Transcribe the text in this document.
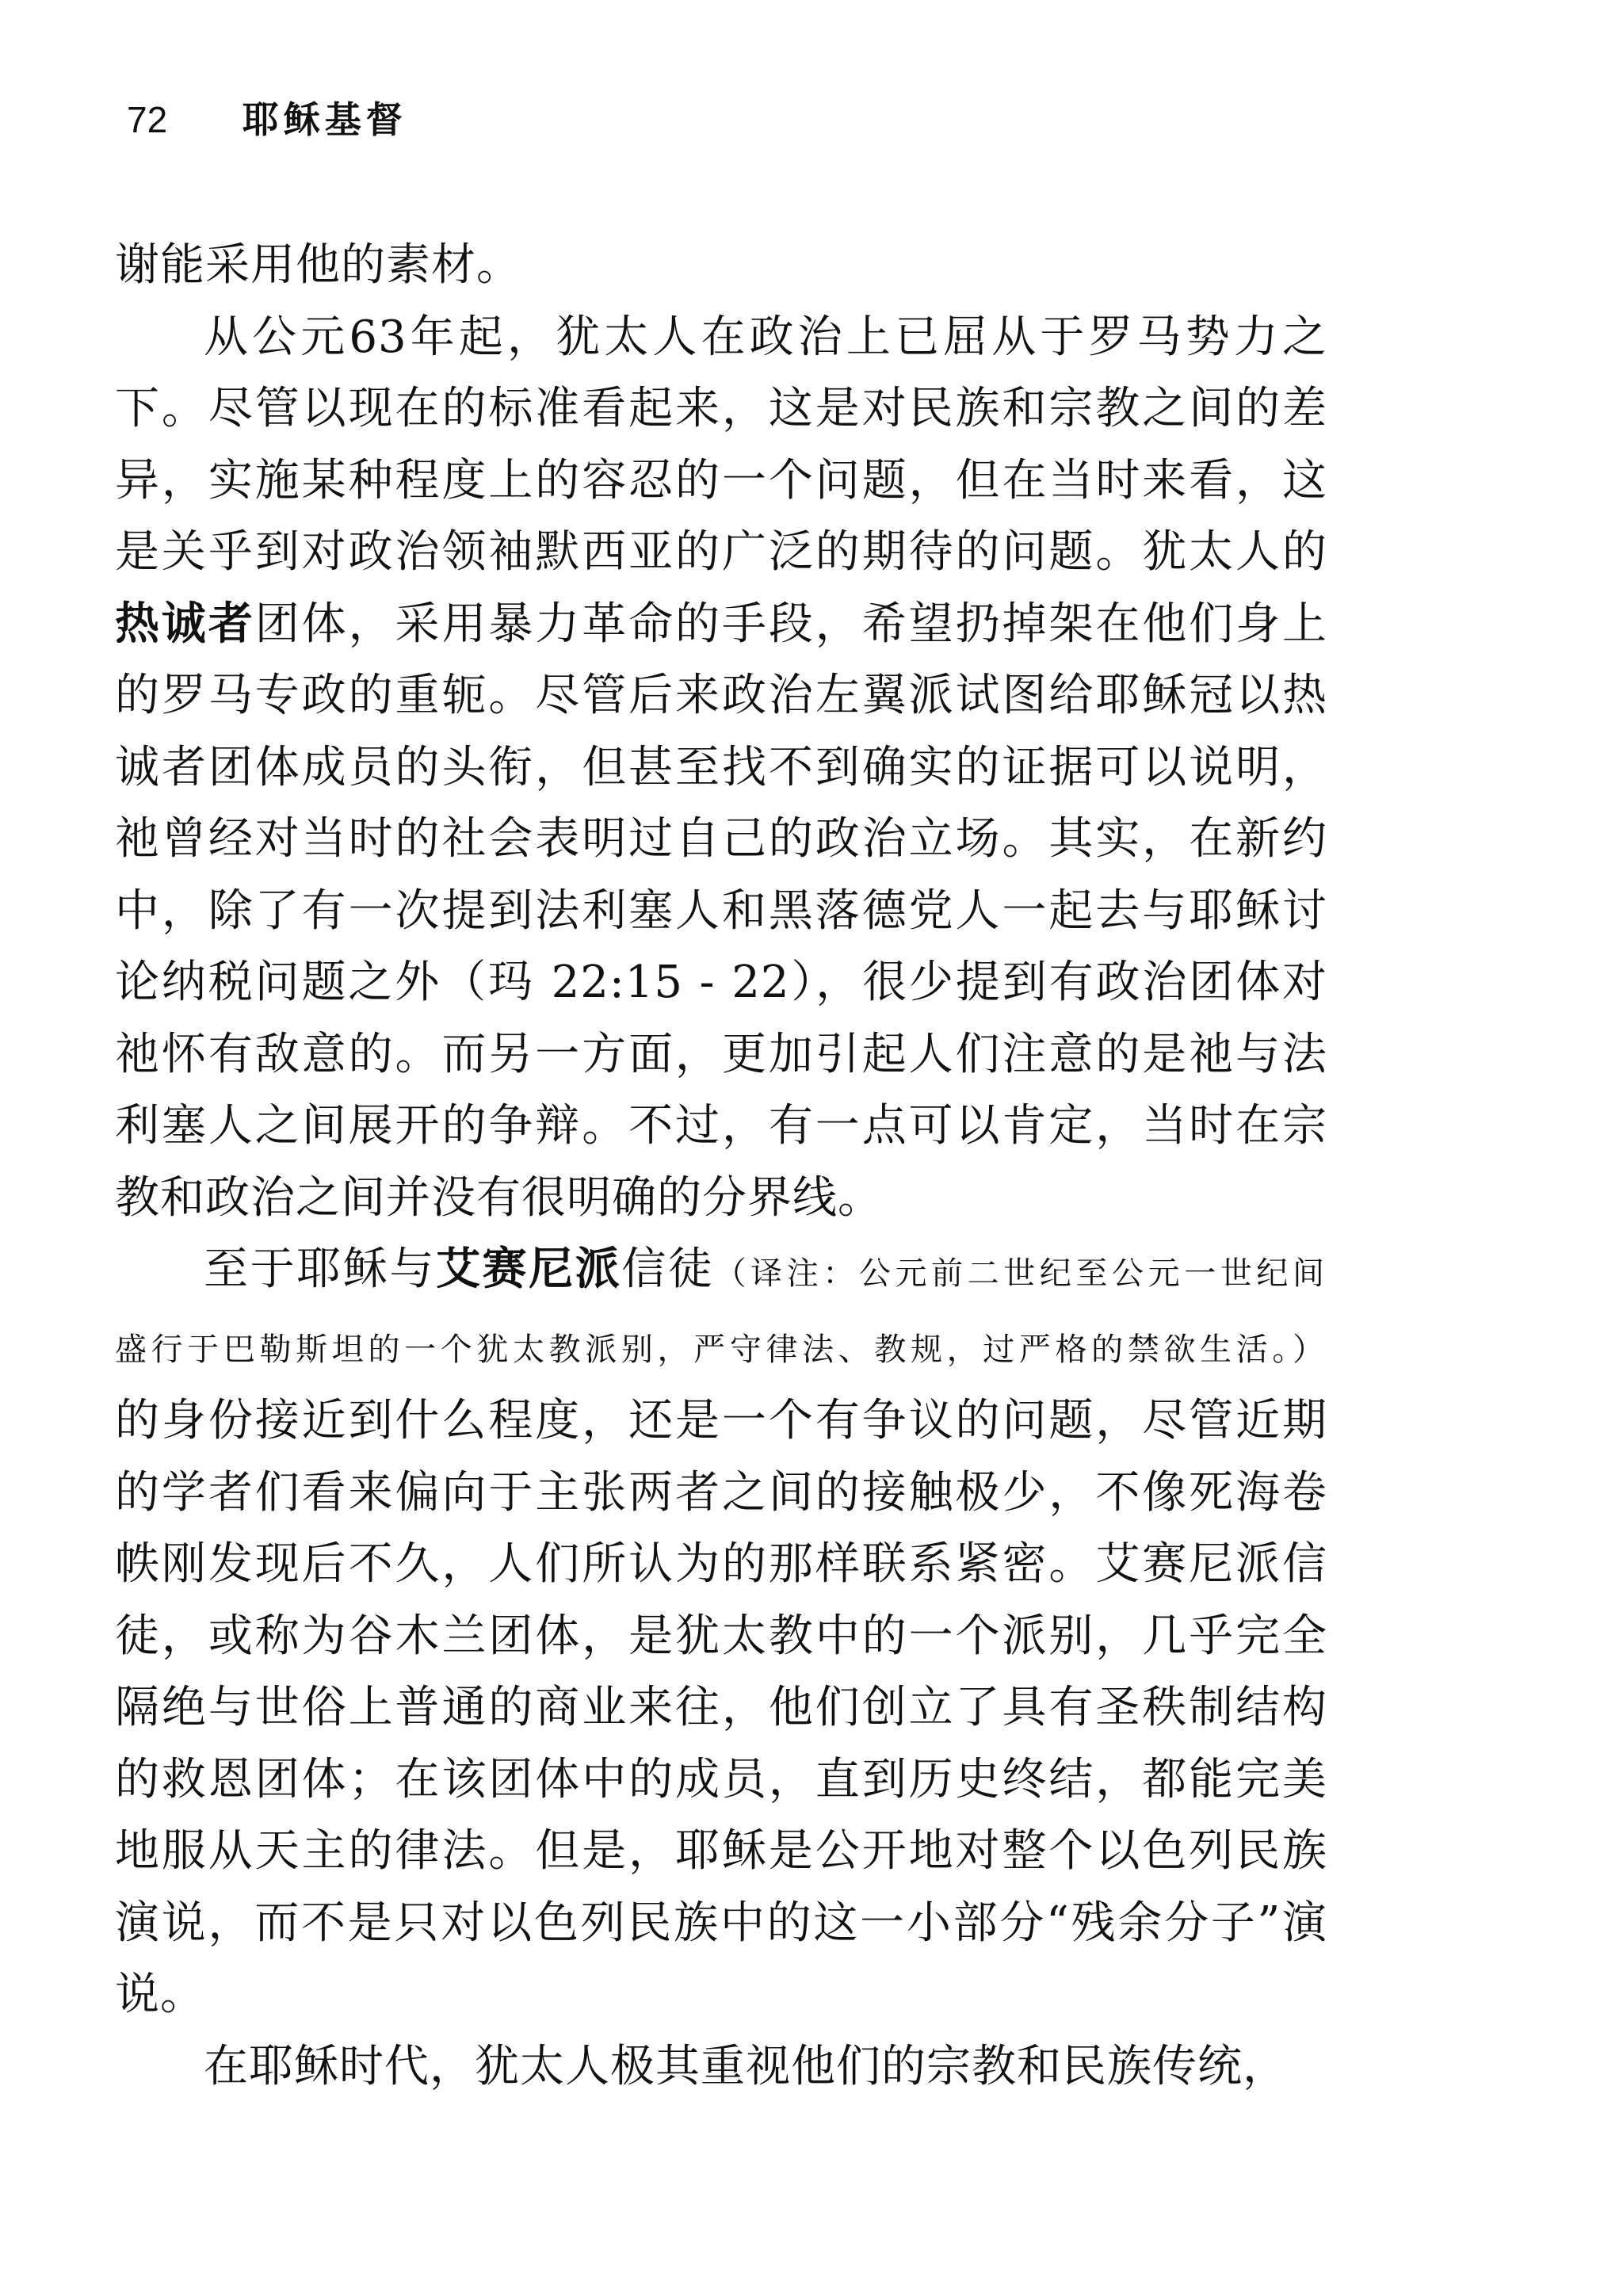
72 耶稣基督

谢能采用他的素材。

从公元63年起，犹太人在政治上已屈从于罗马势力之下。尽管以现在的标准看起来，这是对民族和宗教之间的差异，实施某种程度上的容忍的一个问题，但在当时来看，这是关乎到对政治领袖默西亚的广泛的期待的问题。犹太人的热诚者团体，采用暴力革命的手段，希望扔掉架在他们身上的罗马专政的重轭。尽管后来政治左翼派试图给耶稣冠以热诚者团体成员的头衔，但甚至找不到确实的证据可以说明，祂曾经对当时的社会表明过自己的政治立场。其实，在新约中，除了有一次提到法利塞人和黑落德党人一起去与耶稣讨论纳税问题之外（玛 22:15 - 22），很少提到有政治团体对祂怀有敌意的。而另一方面，更加引起人们注意的是祂与法利塞人之间展开的争辩。不过，有一点可以肯定，当时在宗教和政治之间并没有很明确的分界线。

至于耶稣与艾赛尼派信徒（译注：公元前二世纪至公元一世纪间盛行于巴勒斯坦的一个犹太教派别，严守律法、教规，过严格的禁欲生活。）的身份接近到什么程度，还是一个有争议的问题，尽管近期的学者们看来偏向于主张两者之间的接触极少，不像死海卷帙刚发现后不久，人们所认为的那样联系紧密。艾赛尼派信徒，或称为谷木兰团体，是犹太教中的一个派别，几乎完全隔绝与世俗上普通的商业来往，他们创立了具有圣秩制结构的救恩团体；在该团体中的成员，直到历史终结，都能完美地服从天主的律法。但是，耶稣是公开地对整个以色列民族演说，而不是只对以色列民族中的这一小部分“残余分子”演说。

在耶稣时代，犹太人极其重视他们的宗教和民族传统，
